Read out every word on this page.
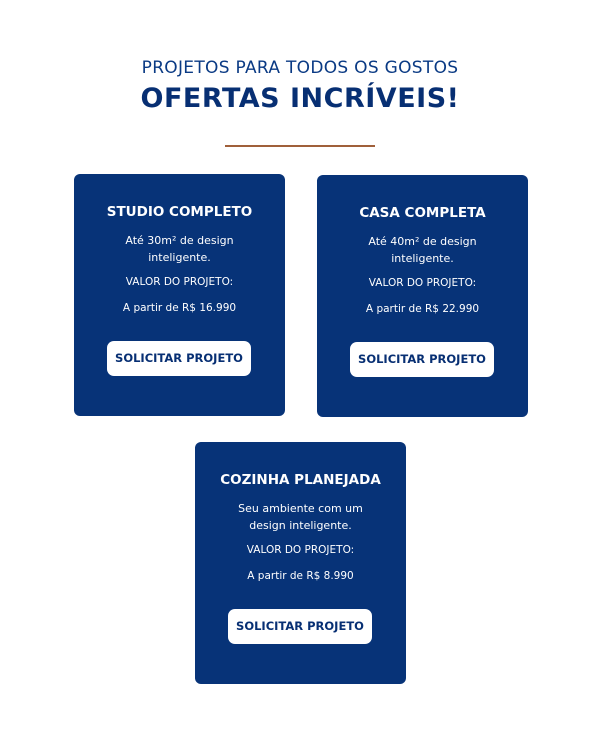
PROJETOS PARA TODOS OS GOSTOS
OFERTAS INCRÍVEIS!
STUDIO COMPLETO
Até 30m² de design inteligente.
VALOR DO PROJETO:
A partir de R$ 16.990
SOLICITAR PROJETO
CASA COMPLETA
Até 40m² de design inteligente.
VALOR DO PROJETO:
A partir de R$ 22.990
SOLICITAR PROJETO
COZINHA PLANEJADA
Seu ambiente com um design inteligente.
VALOR DO PROJETO:
A partir de R$ 8.990
SOLICITAR PROJETO
